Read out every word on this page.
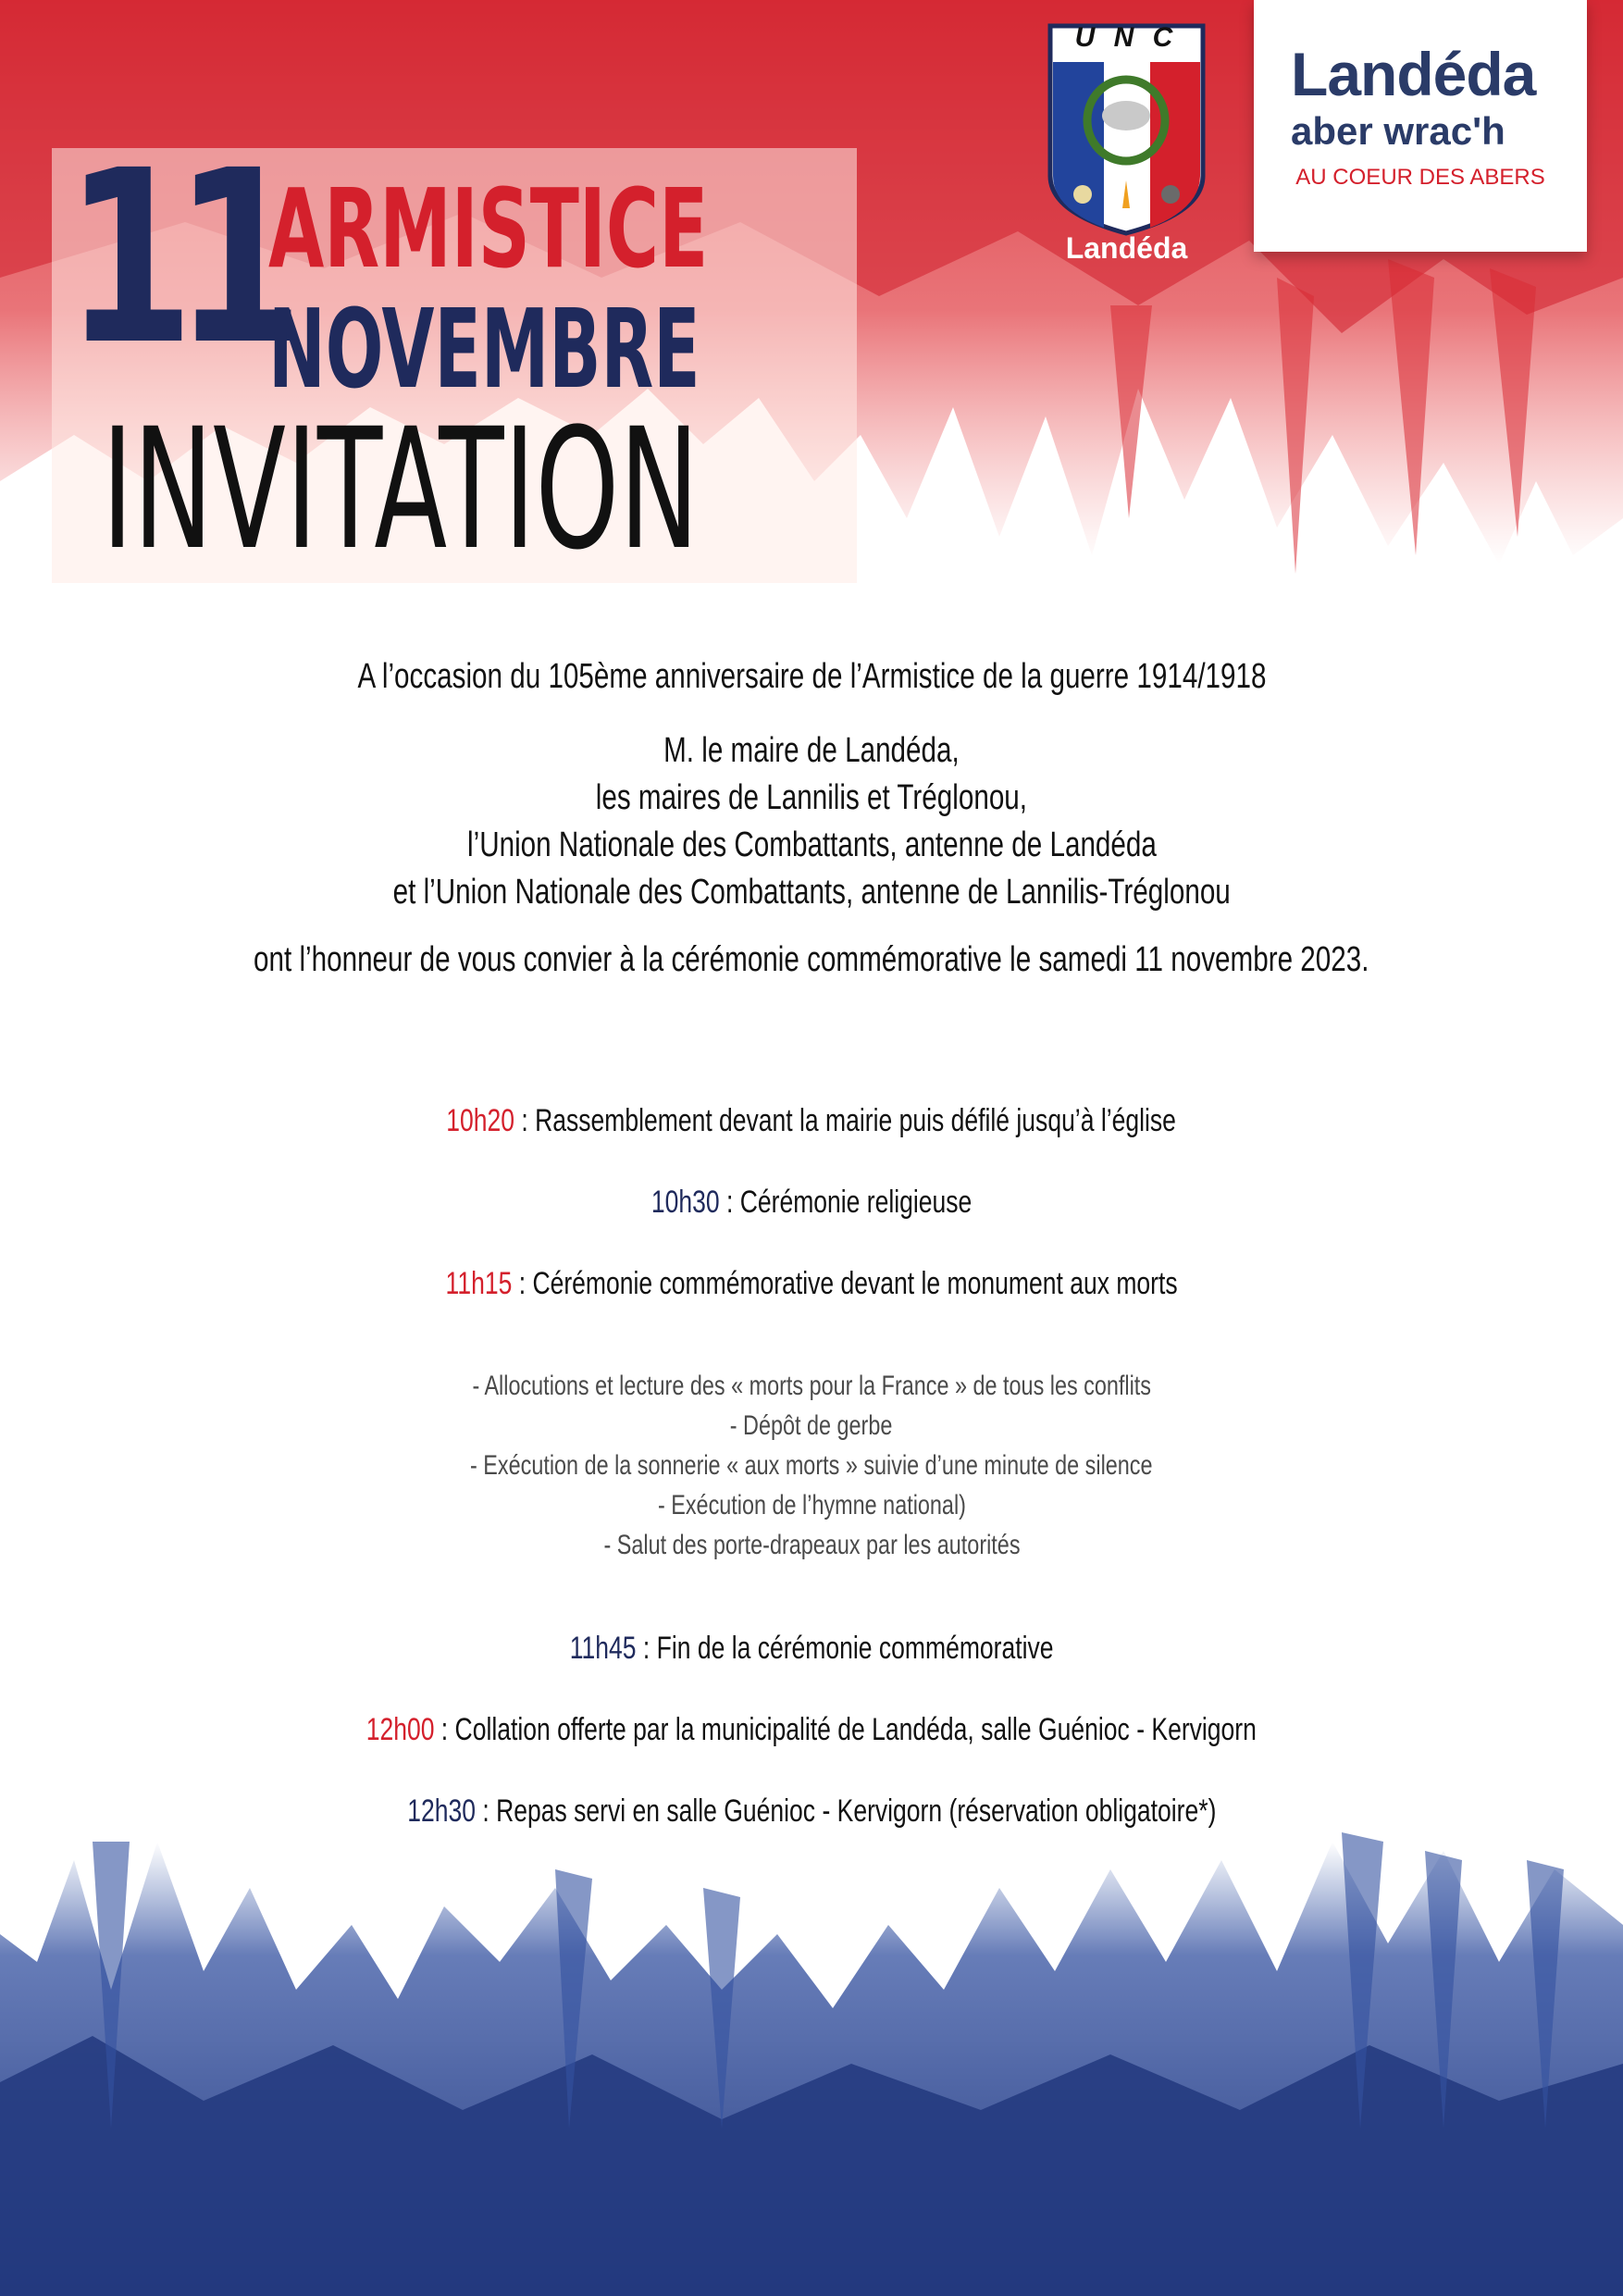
11
ARMISTICE
NOVEMBRE
INVITATION
Landéda
U N C
Landéda
aber wrac'h
AU COEUR DES ABERS
A l’occasion du 105ème anniversaire de l’Armistice de la guerre 1914/1918
M. le maire de Landéda,
les maires de Lannilis et Tréglonou,
l’Union Nationale des Combattants, antenne de Landéda
et l’Union Nationale des Combattants, antenne de Lannilis-Tréglonou
ont l’honneur de vous convier à la cérémonie commémorative le samedi 11 novembre 2023.
10h20 : Rassemblement devant la mairie puis défilé jusqu’à l’église
10h30 : Cérémonie religieuse
11h15 : Cérémonie commémorative devant le monument aux morts
- Allocutions et lecture des « morts pour la France » de tous les conflits
- Dépôt de gerbe
- Exécution de la sonnerie « aux morts » suivie d’une minute de silence
- Exécution de l’hymne national)
- Salut des porte-drapeaux par les autorités
11h45 : Fin de la cérémonie commémorative
12h00 : Collation offerte par la municipalité de Landéda, salle Guénioc - Kervigorn
12h30 : Repas servi en salle Guénioc - Kervigorn (réservation obligatoire*)
